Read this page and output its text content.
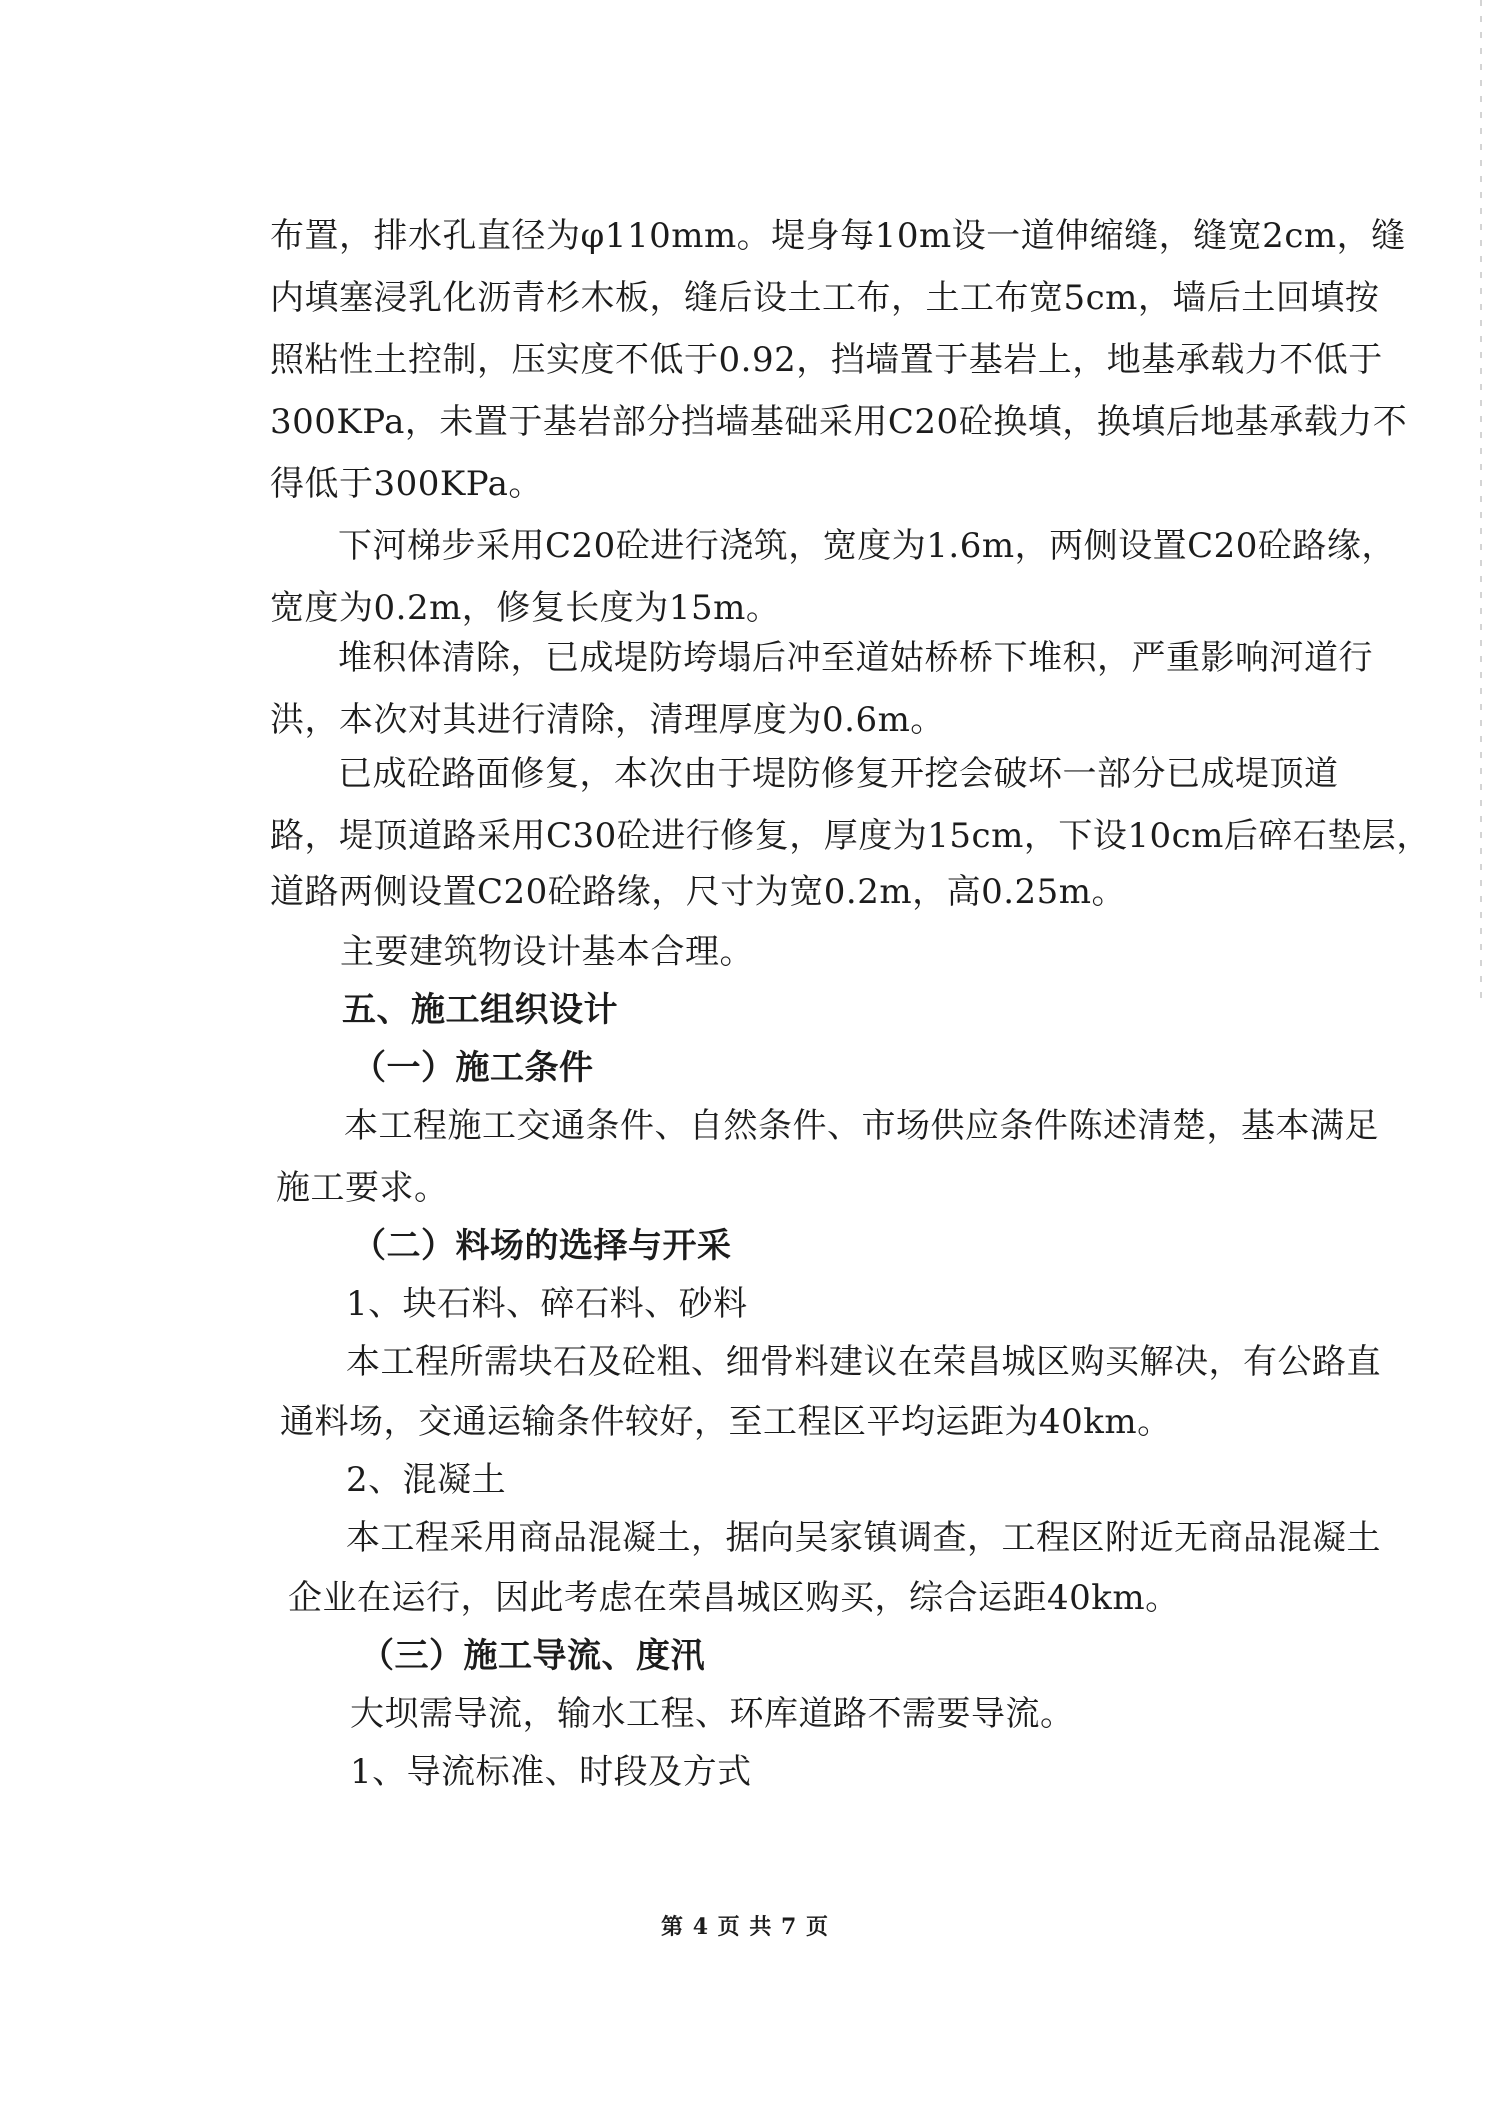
布置，排水孔直径为φ110mm。堤身每10m设一道伸缩缝，缝宽2cm，缝
内填塞浸乳化沥青杉木板，缝后设土工布，土工布宽5cm，墙后土回填按
照粘性土控制，压实度不低于0.92，挡墙置于基岩上，地基承载力不低于
300KPa，未置于基岩部分挡墙基础采用C20砼换填，换填后地基承载力不
得低于300KPa。
下河梯步采用C20砼进行浇筑，宽度为1.6m，两侧设置C20砼路缘，
宽度为0.2m，修复长度为15m。
堆积体清除，已成堤防垮塌后冲至道姑桥桥下堆积，严重影响河道行
洪，本次对其进行清除，清理厚度为0.6m。
已成砼路面修复，本次由于堤防修复开挖会破坏一部分已成堤顶道
路，堤顶道路采用C30砼进行修复，厚度为15cm，下设10cm后碎石垫层，
道路两侧设置C20砼路缘，尺寸为宽0.2m，高0.25m。
主要建筑物设计基本合理。
五、施工组织设计
（一）施工条件
本工程施工交通条件、自然条件、市场供应条件陈述清楚，基本满足
施工要求。
（二）料场的选择与开采
1、块石料、碎石料、砂料
本工程所需块石及砼粗、细骨料建议在荣昌城区购买解决，有公路直
通料场，交通运输条件较好，至工程区平均运距为40km。
2、混凝土
本工程采用商品混凝土，据向吴家镇调查，工程区附近无商品混凝土
企业在运行，因此考虑在荣昌城区购买，综合运距40km。
（三）施工导流、度汛
大坝需导流，输水工程、环库道路不需要导流。
1、导流标准、时段及方式
第 4 页 共 7 页
